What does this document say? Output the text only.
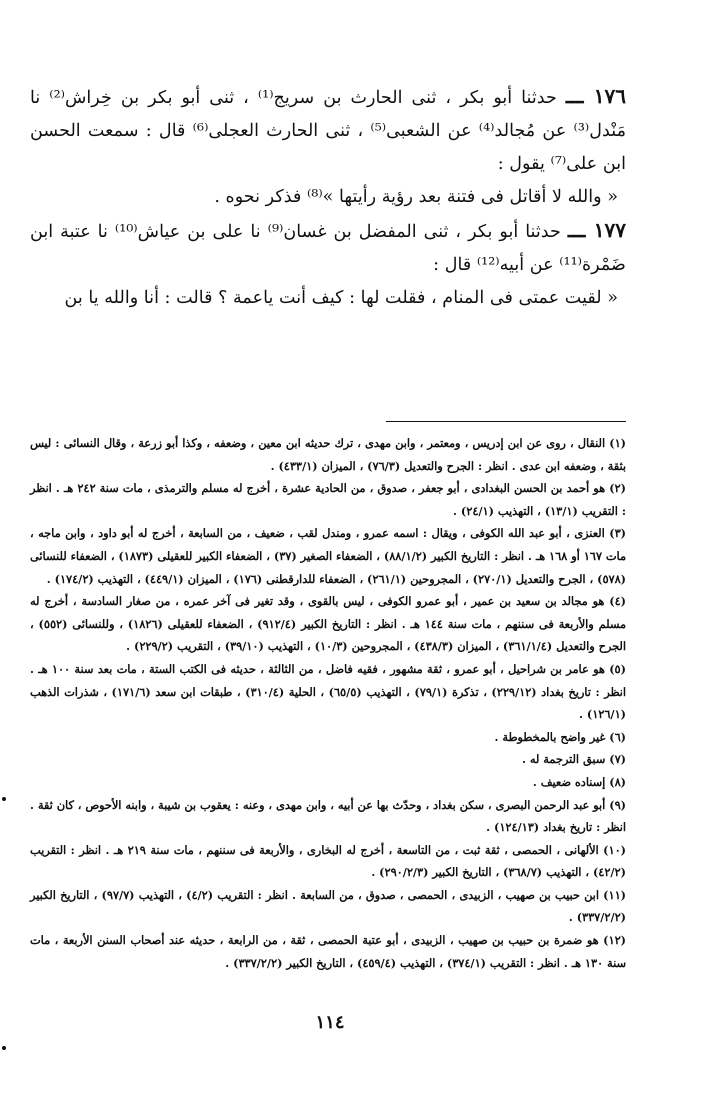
١٧٦ ـــ حدثنا أبو بكر ، ثنى الحارث بن سريج⁽¹⁾ ، ثنى أبو بكر بن خِراش⁽²⁾ نا مَنْدل⁽³⁾ عن مُجالد⁽⁴⁾ عن الشعبى⁽⁵⁾ ، ثنى الحارث العجلى⁽⁶⁾ قال : سمعت الحسن ابن على⁽⁷⁾ يقول :

« والله لا أقاتل فى فتنة بعد رؤية رأيتها »⁽⁸⁾ فذكر نحوه .

١٧٧ ـــ حدثنا أبو بكر ، ثنى المفضل بن غسان⁽⁹⁾ نا على بن عياش⁽¹⁰⁾ نا عتبة ابن ضَمْرة⁽¹¹⁾ عن أبيه⁽¹²⁾ قال :

« لقيت عمتى فى المنام ، فقلت لها : كيف أنت ياعمة ؟ قالت : أنا والله يا بن

(١) النقال ، روى عن ابن إدريس ، ومعتمر ، وابن مهدى ، ترك حديثه ابن معين ، وضعفه ، وكذا أبو زرعة ، وقال النسائى : ليس بثقة ، وضعفه ابن عدى . انظر : الجرح والتعديل (٧٦/٣) ، الميزان (٤٣٣/١) .

(٢) هو أحمد بن الحسن البغدادى ، أبو جعفر ، صدوق ، من الحادية عشرة ، أخرج له مسلم والترمذى ، مات سنة ٢٤٢ هـ . انظر : التقريب (١٣/١) ، التهذيب (٢٤/١) .

(٣) العنزى ، أبو عبد الله الكوفى ، ويقال : اسمه عمرو ، ومندل لقب ، ضعيف ، من السابعة ، أخرج له أبو داود ، وابن ماجه ، مات ١٦٧ أو ١٦٨ هـ . انظر : التاريخ الكبير (٨٨/١/٢) ، الضعفاء الصغير (٣٧) ، الضعفاء الكبير للعقيلى (١٨٧٣) ، الضعفاء للنسائى (٥٧٨) ، الجرح والتعديل (٢٧٠/١) ، المجروحين (٢٦١/١) ، الضعفاء للدارقطنى (١٧٦) ، الميزان (٤٤٩/١) ، التهذيب (١٧٤/٢) .

(٤) هو مجالد بن سعيد بن عمير ، أبو عمرو الكوفى ، ليس بالقوى ، وقد تغير فى آخر عمره ، من صغار السادسة ، أخرج له مسلم والأربعة فى سننهم ، مات سنة ١٤٤ هـ . انظر : التاريخ الكبير (٩١٢/٤) ، الضعفاء للعقيلى (١٨٢٦) ، وللنسائى (٥٥٢) ، الجرح والتعديل (٣٦١/١/٤) ، الميزان (٤٣٨/٣) ، المجروحين (١٠/٣) ، التهذيب (٣٩/١٠) ، التقريب (٢٢٩/٢) .

(٥) هو عامر بن شراحيل ، أبو عمرو ، ثقة مشهور ، فقيه فاضل ، من الثالثة ، حديثه فى الكتب الستة ، مات بعد سنة ١٠٠ هـ . انظر : تاريخ بغداد (٢٢٩/١٢) ، تذكرة (٧٩/١) ، التهذيب (٦٥/٥) ، الحلية (٣١٠/٤) ، طبقات ابن سعد (١٧١/٦) ، شذرات الذهب (١٢٦/١) .

(٦) غير واضح بالمخطوطة .

(٧) سبق الترجمة له .

(٨) إسناده ضعيف .

(٩) أبو عبد الرحمن البصرى ، سكن بغداد ، وحدّث بها عن أبيه ، وابن مهدى ، وعنه : يعقوب بن شيبة ، وابنه الأحوص ، كان ثقة . انظر : تاريخ بغداد (١٢٤/١٣) .

(١٠) الألهانى ، الحمصى ، ثقة ثبت ، من التاسعة ، أخرج له البخارى ، والأربعة فى سننهم ، مات سنة ٢١٩ هـ . انظر : التقريب (٤٢/٢) ، التهذيب (٣٦٨/٧) ، التاريخ الكبير (٢٩٠/٢/٣) .

(١١) ابن حبيب بن صهيب ، الزبيدى ، الحمصى ، صدوق ، من السابعة . انظر : التقريب (٤/٢) ، التهذيب (٩٧/٧) ، التاريخ الكبير (٣٣٧/٢/٢) .

(١٢) هو ضمرة بن حبيب بن صهيب ، الزبيدى ، أبو عتبة الحمصى ، ثقة ، من الرابعة ، حديثه عند أصحاب السنن الأربعة ، مات سنة ١٣٠ هـ . انظر : التقريب (٣٧٤/١) ، التهذيب (٤٥٩/٤) ، التاريخ الكبير (٣٣٧/٢/٢) .

١١٤
